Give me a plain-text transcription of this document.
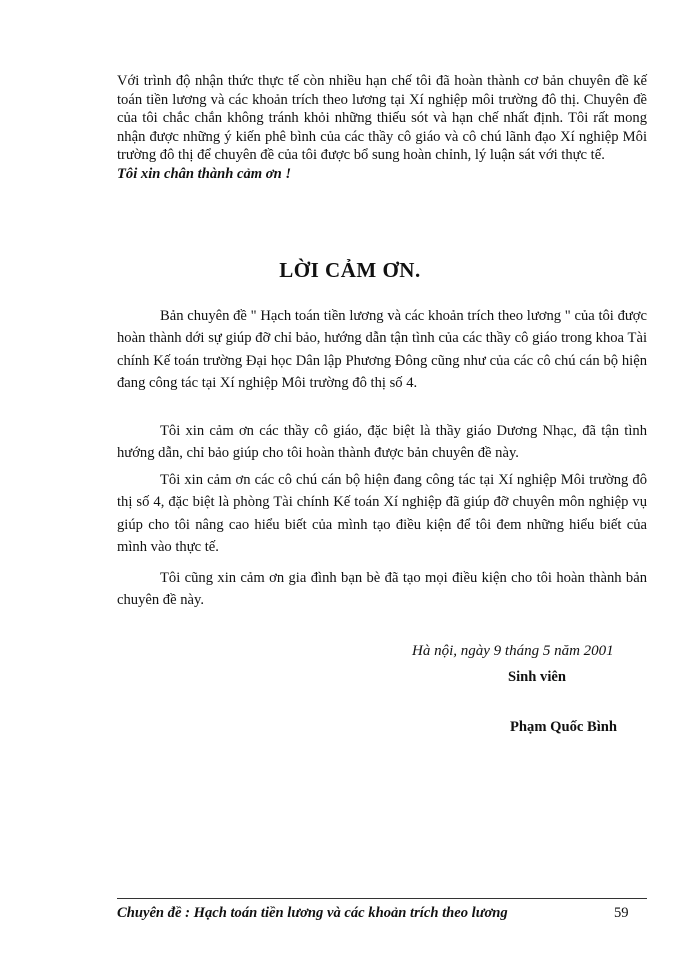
Với trình độ nhận thức thực tế còn nhiều hạn chế tôi đã hoàn thành cơ bản chuyên đề kế toán tiền lương và các khoản trích theo lương tại Xí nghiệp môi trường đô thị. Chuyên đề của tôi chắc chắn không tránh khỏi những thiếu sót và hạn chế nhất định. Tôi rất mong nhận được những ý kiến phê bình của các thầy cô giáo và cô chú lãnh đạo Xí nghiệp Môi trường đô thị để chuyên đề của tôi được bổ sung hoàn chỉnh, lý luận sát với thực tế.
Tôi xin chân thành cảm ơn !
LỜI CẢM ƠN.

Bản chuyên đề " Hạch toán tiền lương và các khoản trích theo lương " của tôi được hoàn thành dới sự giúp đỡ chỉ bảo, hướng dẫn tận tình của các thầy cô giáo trong khoa Tài chính Kế toán trường Đại học Dân lập Phương Đông cũng như của các cô chú cán bộ hiện đang công tác tại Xí nghiệp Môi trường đô thị số 4.

Tôi xin cảm ơn các thầy cô giáo, đặc biệt là thầy giáo Dương Nhạc, đã tận tình hướng dẫn, chỉ bảo giúp cho tôi hoàn thành được bản chuyên đề này.

Tôi xin cảm ơn các cô chú cán bộ hiện đang công tác tại Xí nghiệp Môi trường đô thị số 4, đặc biệt là phòng Tài chính Kế toán Xí nghiệp đã giúp đỡ chuyên môn nghiệp vụ giúp cho tôi nâng cao hiểu biết của mình tạo điều kiện để tôi đem những hiểu biết của mình vào thực tế.

Tôi cũng xin cảm ơn gia đình bạn bè đã tạo mọi điều kiện cho tôi hoàn thành bản chuyên đề này.

Hà nội, ngày 9 tháng 5 năm 2001
Sinh viên
Phạm Quốc Bình
Chuyên đề : Hạch toán tiền lương và các khoản trích theo lương	59
